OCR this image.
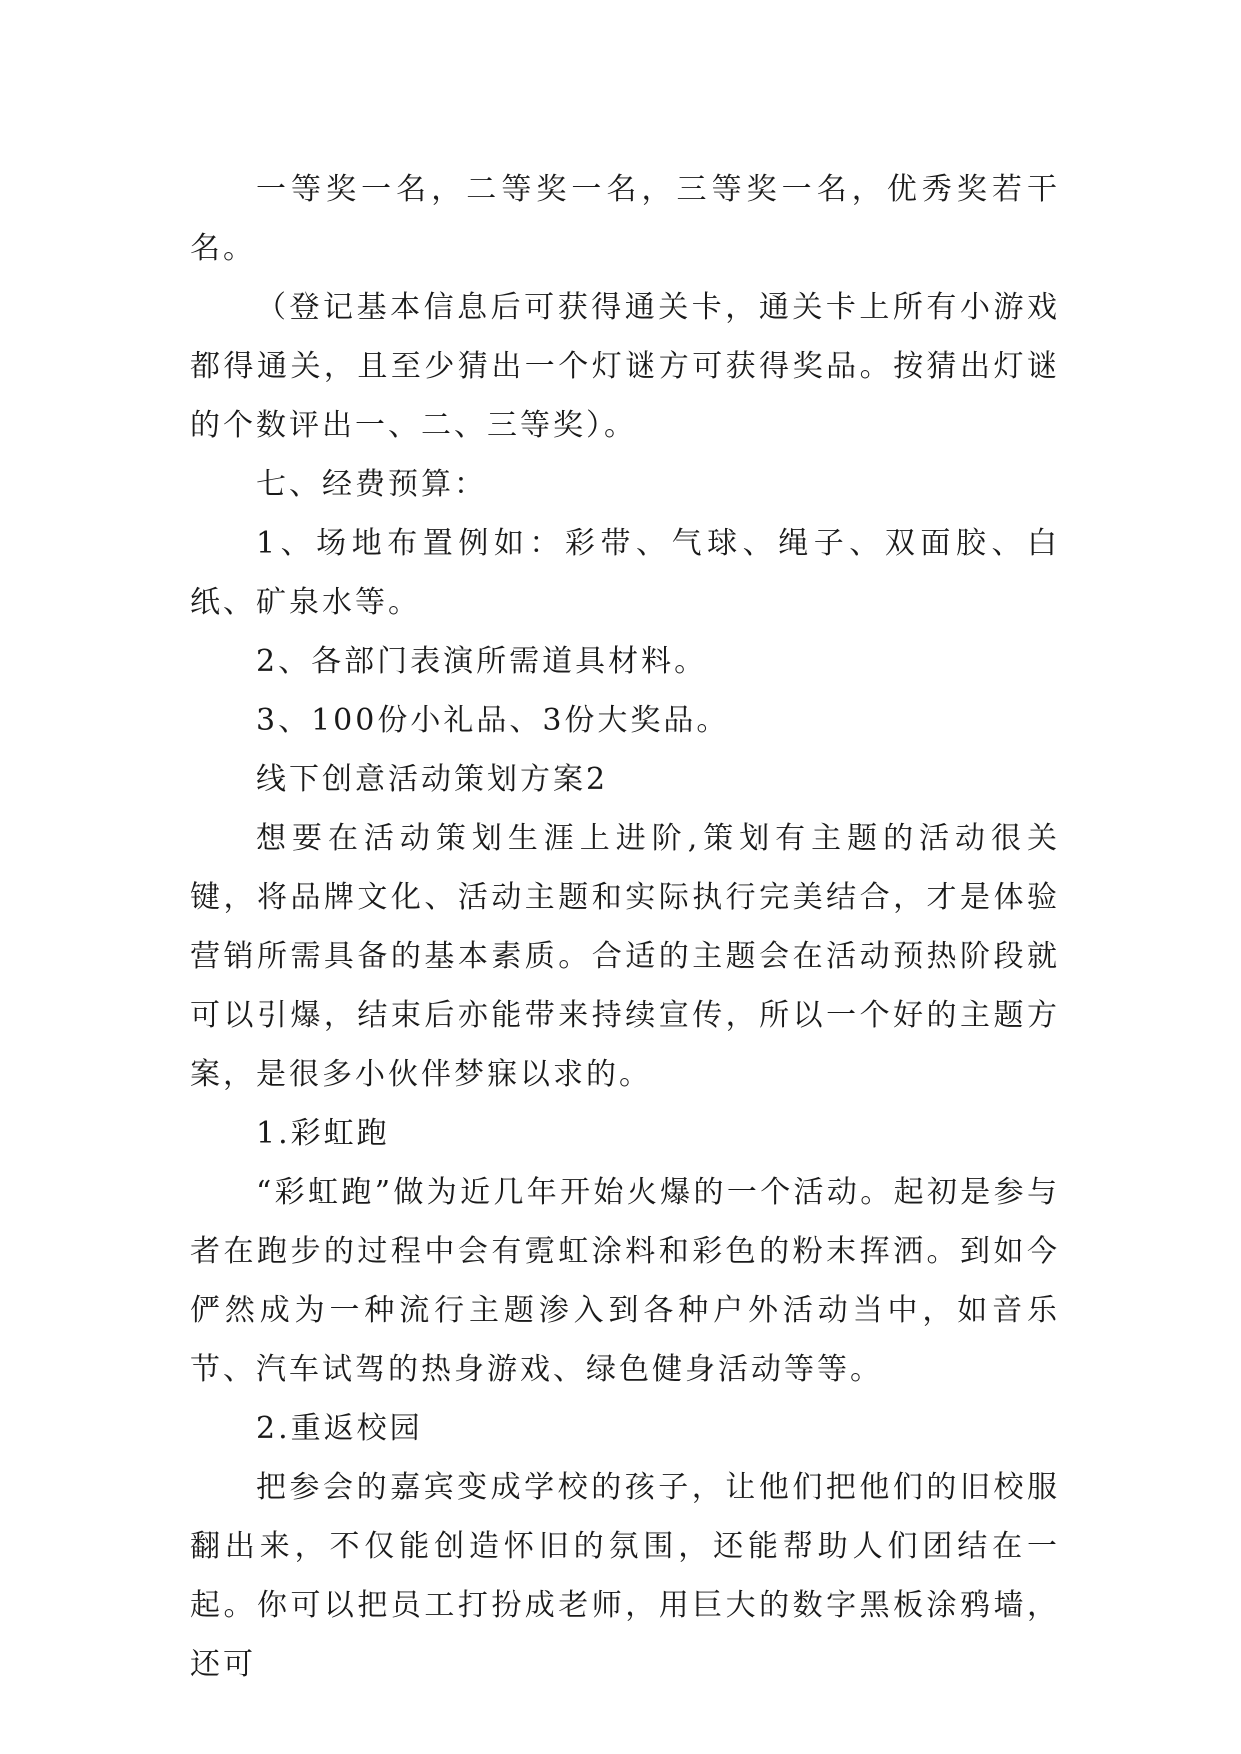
一等奖一名，二等奖一名，三等奖一名，优秀奖若干名。

（登记基本信息后可获得通关卡，通关卡上所有小游戏都得通关，且至少猜出一个灯谜方可获得奖品。按猜出灯谜的个数评出一、二、三等奖）。

七、经费预算：

1、场地布置例如：彩带、气球、绳子、双面胶、白纸、矿泉水等。

2、各部门表演所需道具材料。

3、100份小礼品、3份大奖品。

线下创意活动策划方案2

想要在活动策划生涯上进阶,策划有主题的活动很关键，将品牌文化、活动主题和实际执行完美结合，才是体验营销所需具备的基本素质。合适的主题会在活动预热阶段就可以引爆，结束后亦能带来持续宣传，所以一个好的主题方案，是很多小伙伴梦寐以求的。

1.彩虹跑

“彩虹跑”做为近几年开始火爆的一个活动。起初是参与者在跑步的过程中会有霓虹涂料和彩色的粉末挥洒。到如今俨然成为一种流行主题渗入到各种户外活动当中，如音乐节、汽车试驾的热身游戏、绿色健身活动等等。

2.重返校园

把参会的嘉宾变成学校的孩子，让他们把他们的旧校服翻出来，不仅能创造怀旧的氛围，还能帮助人们团结在一起。你可以把员工打扮成老师，用巨大的数字黑板涂鸦墙，还可
